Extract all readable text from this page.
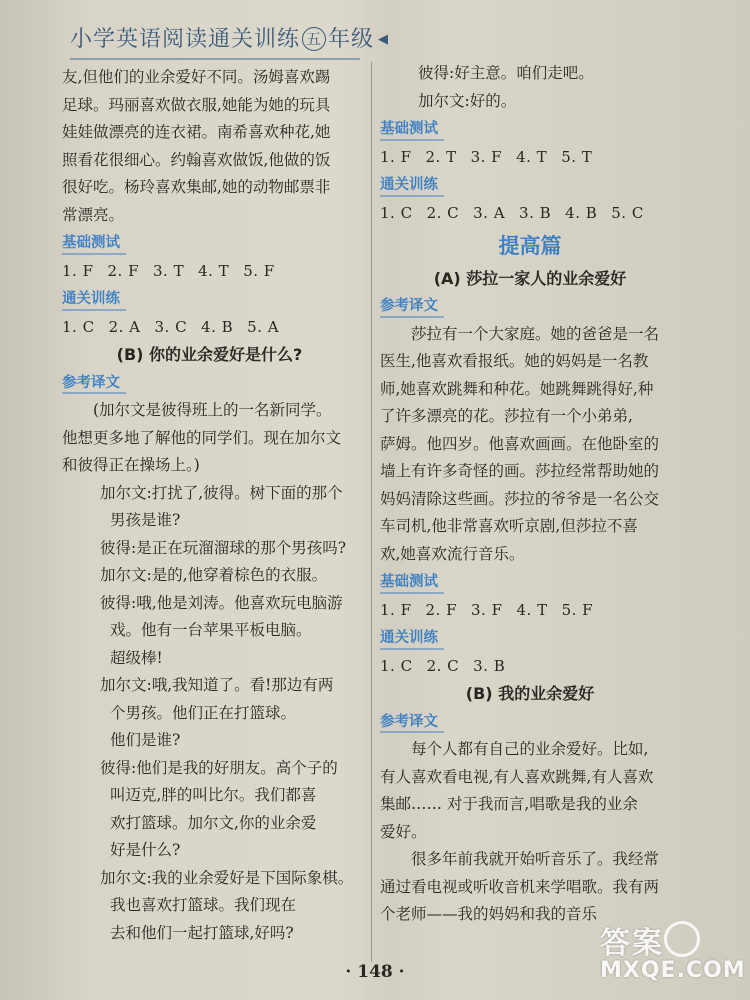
小学英语阅读通关训练 五 年级 ◀
友,但他们的业余爱好不同。汤姆喜欢踢
足球。玛丽喜欢做衣服,她能为她的玩具
娃娃做漂亮的连衣裙。南希喜欢种花,她
照看花很细心。约翰喜欢做饭,他做的饭
很好吃。杨玲喜欢集邮,她的动物邮票非
常漂亮。
基础测试
1. F 2. F 3. T 4. T 5. F
通关训练
1. C 2. A 3. C 4. B 5. A
(B) 你的业余爱好是什么?
参考译文
(加尔文是彼得班上的一名新同学。
他想更多地了解他的同学们。现在加尔文
和彼得正在操场上。)
加尔文:打扰了,彼得。树下面的那个
男孩是谁?
彼得:是正在玩溜溜球的那个男孩吗?
加尔文:是的,他穿着棕色的衣服。
彼得:哦,他是刘涛。他喜欢玩电脑游
戏。他有一台苹果平板电脑。
超级棒!
加尔文:哦,我知道了。看!那边有两
个男孩。他们正在打篮球。
他们是谁?
彼得:他们是我的好朋友。高个子的
叫迈克,胖的叫比尔。我们都喜
欢打篮球。加尔文,你的业余爱
好是什么?
加尔文:我的业余爱好是下国际象棋。
我也喜欢打篮球。我们现在
去和他们一起打篮球,好吗?
彼得:好主意。咱们走吧。
加尔文:好的。
基础测试
1. F 2. T 3. F 4. T 5. T
通关训练
1. C 2. C 3. A 3. B 4. B 5. C
提高篇
(A) 莎拉一家人的业余爱好
参考译文
莎拉有一个大家庭。她的爸爸是一名
医生,他喜欢看报纸。她的妈妈是一名教
师,她喜欢跳舞和种花。她跳舞跳得好,种
了许多漂亮的花。莎拉有一个小弟弟,
萨姆。他四岁。他喜欢画画。在他卧室的
墙上有许多奇怪的画。莎拉经常帮助她的
妈妈清除这些画。莎拉的爷爷是一名公交
车司机,他非常喜欢听京剧,但莎拉不喜
欢,她喜欢流行音乐。
基础测试
1. F 2. F 3. F 4. T 5. F
通关训练
1. C 2. C 3. B
(B) 我的业余爱好
参考译文
每个人都有自己的业余爱好。比如,
有人喜欢看电视,有人喜欢跳舞,有人喜欢
集邮…… 对于我而言,唱歌是我的业余
爱好。
很多年前我就开始听音乐了。我经常
通过看电视或听收音机来学唱歌。我有两
个老师——我的妈妈和我的音乐
· 148 ·
答案
MXQE.COM
